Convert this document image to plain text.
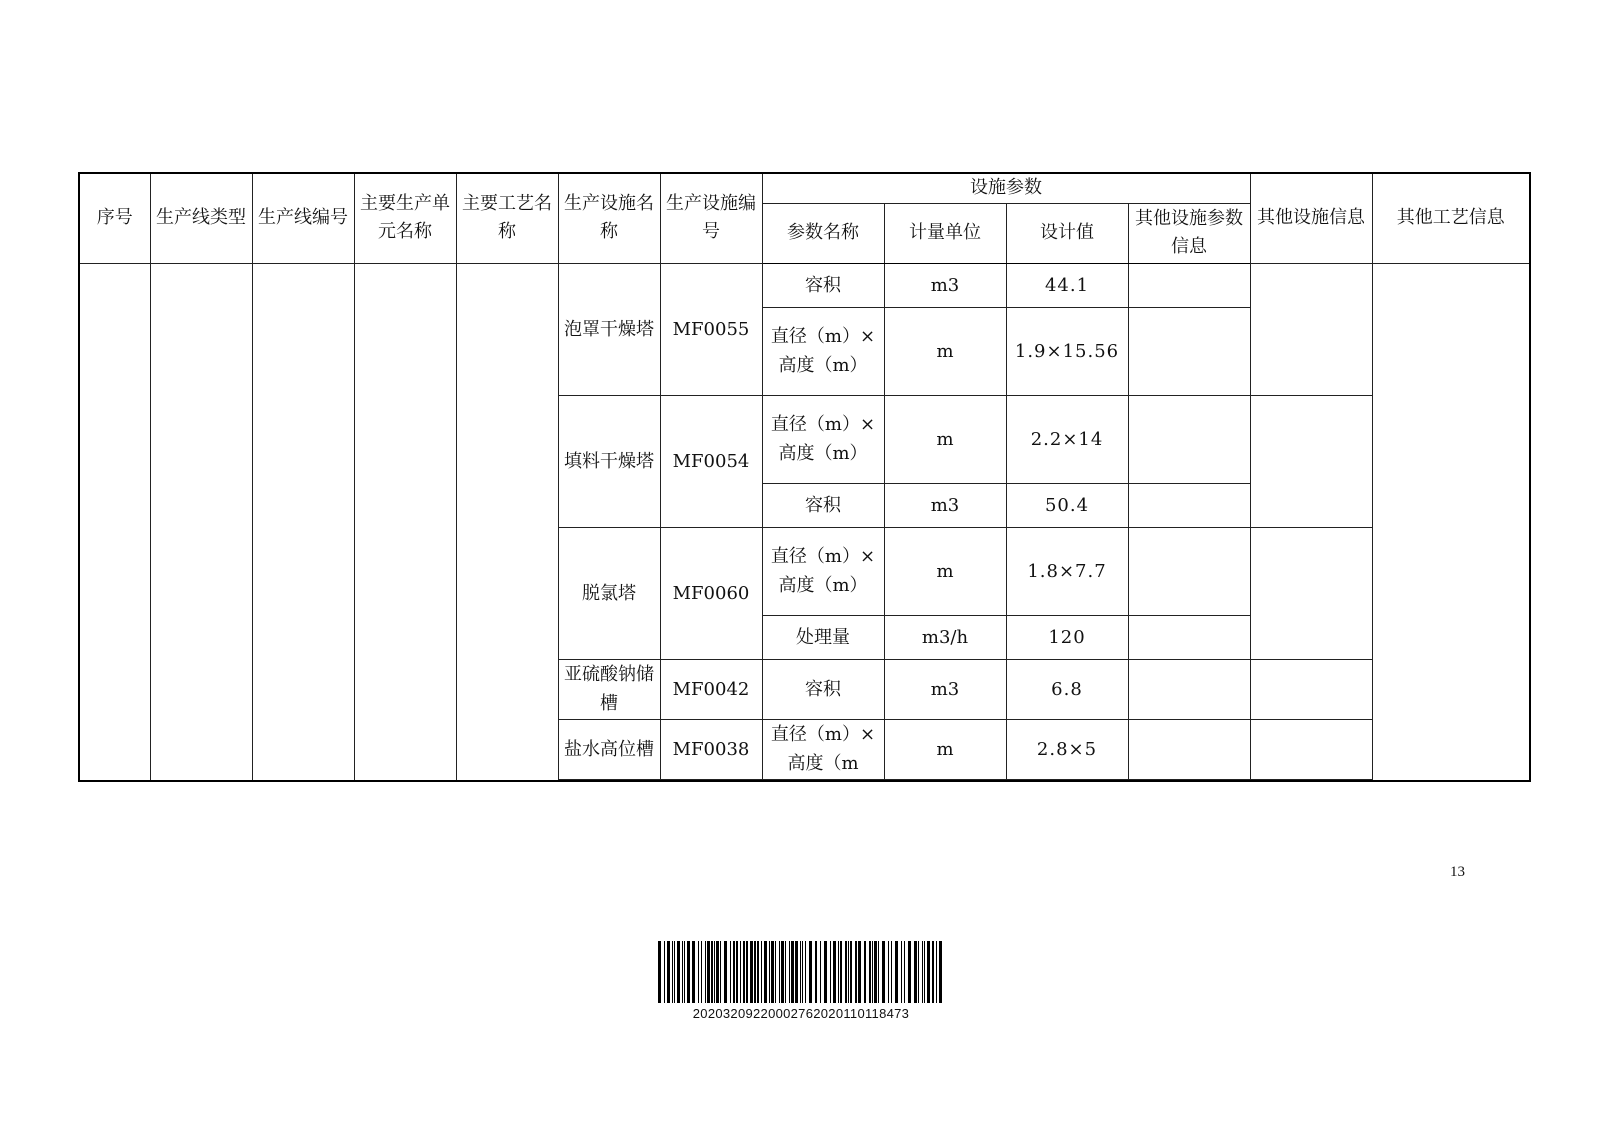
序号	生产线类型	生产线编号	主要生产单元名称	主要工艺名称	生产设施名称	生产设施编号	设施参数				其他设施信息	其他工艺信息
							参数名称	计量单位	设计值	其他设施参数信息		
					泡罩干燥塔	MF0055	容积	m3	44.1			
							直径（m）×高度（m）	m	1.9×15.56			
					填料干燥塔	MF0054	直径（m）×高度（m）	m	2.2×14			
							容积	m3	50.4			
					脱氯塔	MF0060	直径（m）×高度（m）	m	1.8×7.7			
							处理量	m3/h	120			
					亚硫酸钠储槽	MF0042	容积	m3	6.8			
					盐水高位槽	MF0038	直径（m）×高度（m	m	2.8×5			

13
20203209220002762020110118473
